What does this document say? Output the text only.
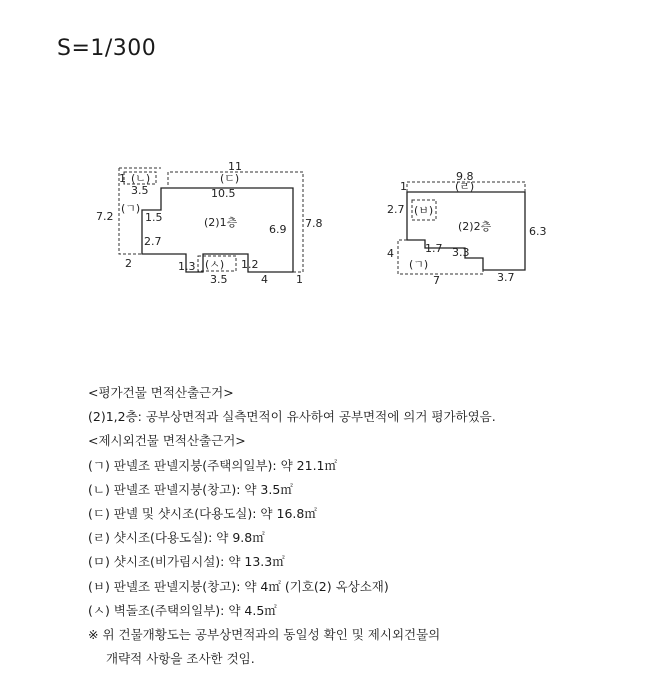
S=1/300
(2)1층
11
(ㄷ)
10.5
1 (ㄴ)
3.5
(ㄱ)
7.2	1.5
2.7
6.9 7.8
2	1.3 (ㅅ) 1.2
3.5	4	1
9.8
(ㄹ)
1
2.7 (ㅂ)
(2)2층	6.3
4	1.7 3.3
(ㄱ)
7	3.7
<평가건물 면적산출근거>
(2)1,2층: 공부상면적과 실측면적이 유사하여 공부면적에 의거 평가하였음.
<제시외건물 면적산출근거>
(ㄱ) 판넬조 판넬지붕(주택의일부): 약 21.1㎡
(ㄴ) 판넬조 판넬지붕(창고): 약 3.5㎡
(ㄷ) 판넬 및 샷시조(다용도실): 약 16.8㎡
(ㄹ) 샷시조(다용도실): 약 9.8㎡
(ㅁ) 샷시조(비가림시설): 약 13.3㎡
(ㅂ) 판넬조 판넬지붕(창고): 약 4㎡ (기호(2) 옥상소재)
(ㅅ) 벽돌조(주택의일부): 약 4.5㎡
※ 위 건물개황도는 공부상면적과의 동일성 확인 및 제시외건물의
개략적 사항을 조사한 것임.
